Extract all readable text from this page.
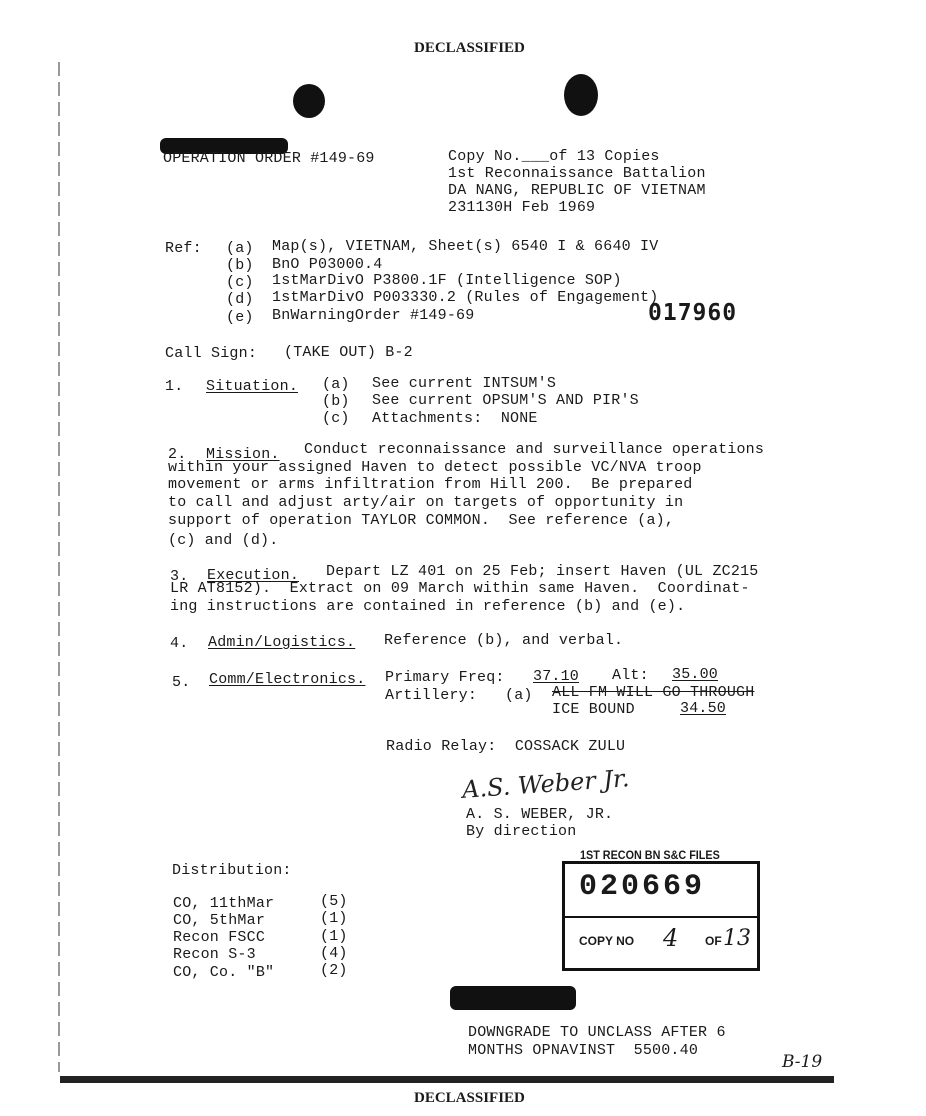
DECLASSIFIED
OPERATION ORDER #149-69	Copy No.___of 13 Copies
1st Reconnaissance Battalion
DA NANG, REPUBLIC OF VIETNAM
231130H Feb 1969
Ref: (a) Map(s), VIETNAM, Sheet(s) 6540 I & 6640 IV
(b) BnO P03000.4
(c) 1stMarDivO P3800.1F (Intelligence SOP)
(d) 1stMarDivO P003330.2 (Rules of Engagement)
(e) BnWarningOrder #149-69	017960
Call Sign: (TAKE OUT) B-2
1. Situation. (a) See current INTSUM'S
(b) See current OPSUM'S AND PIR'S
(c) Attachments:  NONE
2. Mission. Conduct reconnaissance and surveillance operations
within your assigned Haven to detect possible VC/NVA troop
movement or arms infiltration from Hill 200.  Be prepared
to call and adjust arty/air on targets of opportunity in
support of operation TAYLOR COMMON.  See reference (a),
(c) and (d).
3. Execution. Depart LZ 401 on 25 Feb; insert Haven (UL ZC215
LR AT8152).  Extract on 09 March within same Haven.  Coordinat-
ing instructions are contained in reference (b) and (e).
4. Admin/Logistics. Reference (b), and verbal.
5. Comm/Electronics. Primary Freq: 37.10 Alt: 35.00
Artillery: (a) ALL FM WILL GO THROUGH
ICE BOUND	34.50
Radio Relay:  COSSACK ZULU
A.S. Weber Jr.
A. S. WEBER, JR.
By direction
Distribution:
CO, 11thMar	(5)
CO, 5thMar	(1)
Recon FSCC	(1)
Recon S-3	(4)
CO, Co. "B"	(2)
1ST RECON BN S&C FILES
020669
COPY NO 4 OF 13
DOWNGRADE TO UNCLASS AFTER 6
MONTHS OPNAVINST  5500.40
B-19
DECLASSIFIED
